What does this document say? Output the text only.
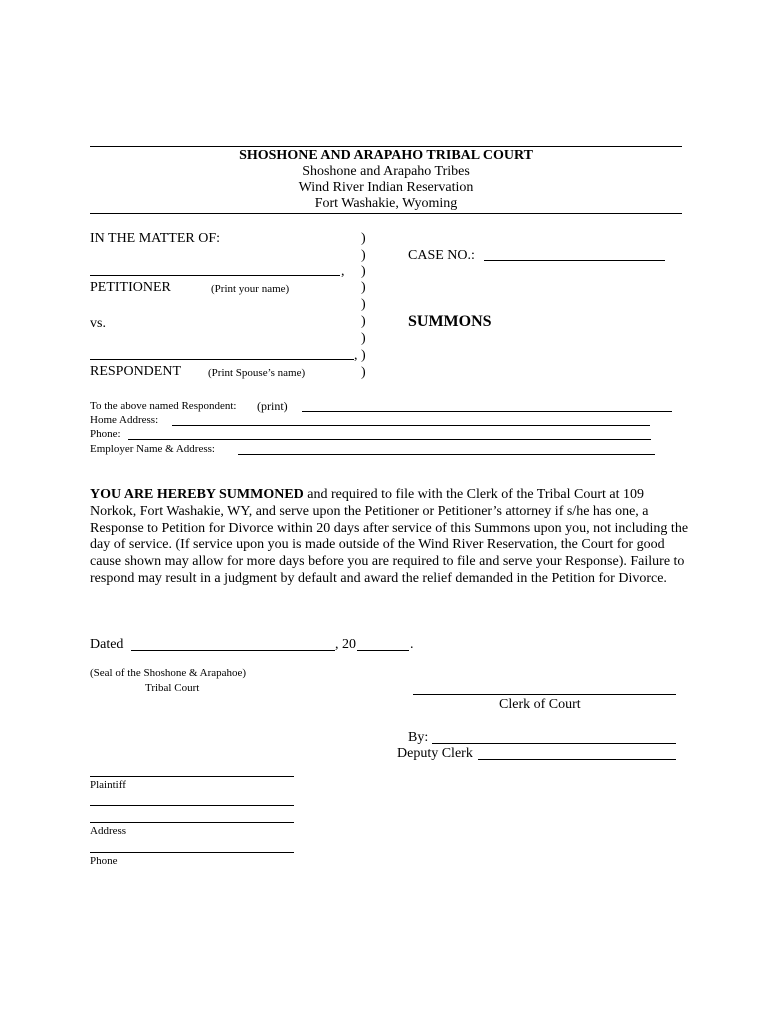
SHOSHONE AND ARAPAHO TRIBAL COURT
Shoshone and Arapaho Tribes
Wind River Indian Reservation
Fort Washakie, Wyoming
IN THE MATTER OF:
,
PETITIONER	(Print your name)
vs.
,
RESPONDENT (Print Spouse’s name)
)
)
)
)
)
)
)
)
)
CASE NO.:
SUMMONS
To the above named Respondent: (print)
Home Address:
Phone:
Employer Name & Address:
YOU ARE HEREBY SUMMONED and required to file with the Clerk of the Tribal Court at 109 Norkok, Fort Washakie, WY, and serve upon the Petitioner or Petitioner’s attorney if s/he has one, a Response to Petition for Divorce within 20 days after service of this Summons upon you, not including the day of service. (If service upon you is made outside of the Wind River Reservation, the Court for good cause shown may allow for more days before you are required to file and serve your Response). Failure to respond may result in a judgment by default and award the relief demanded in the Petition for Divorce.
Dated	, 20	.
(Seal of the Shoshone & Arapahoe)
Tribal Court
Clerk of Court
By:
Deputy Clerk
Plaintiff
Address
Phone
